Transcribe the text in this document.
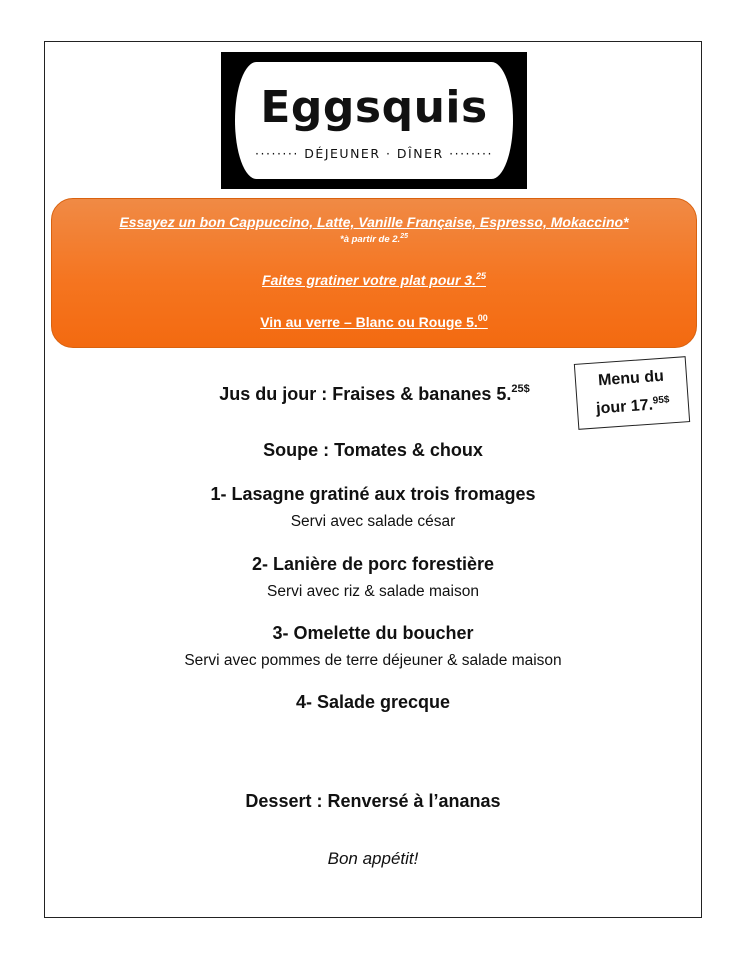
Eggsquis
········ DÉJEUNER · DÎNER ········
Essayez un bon Cappuccino, Latte, Vanille Française, Espresso, Mokaccino*
*à partir de 2.25
Faites gratiner votre plat pour 3.25
Vin au verre – Blanc ou Rouge 5.00
Menu du
jour 17.$^{95\$}$
Jus du jour : Fraises & bananes 5.$^{25\$}$
Soupe : Tomates & choux
1- Lasagne gratiné aux trois fromages
Servi avec salade césar
2- Lanière de porc forestière
Servi avec riz & salade maison
3- Omelette du boucher
Servi avec pommes de terre déjeuner & salade maison
4- Salade grecque
Dessert : Renversé à l’ananas
Bon appétit!
